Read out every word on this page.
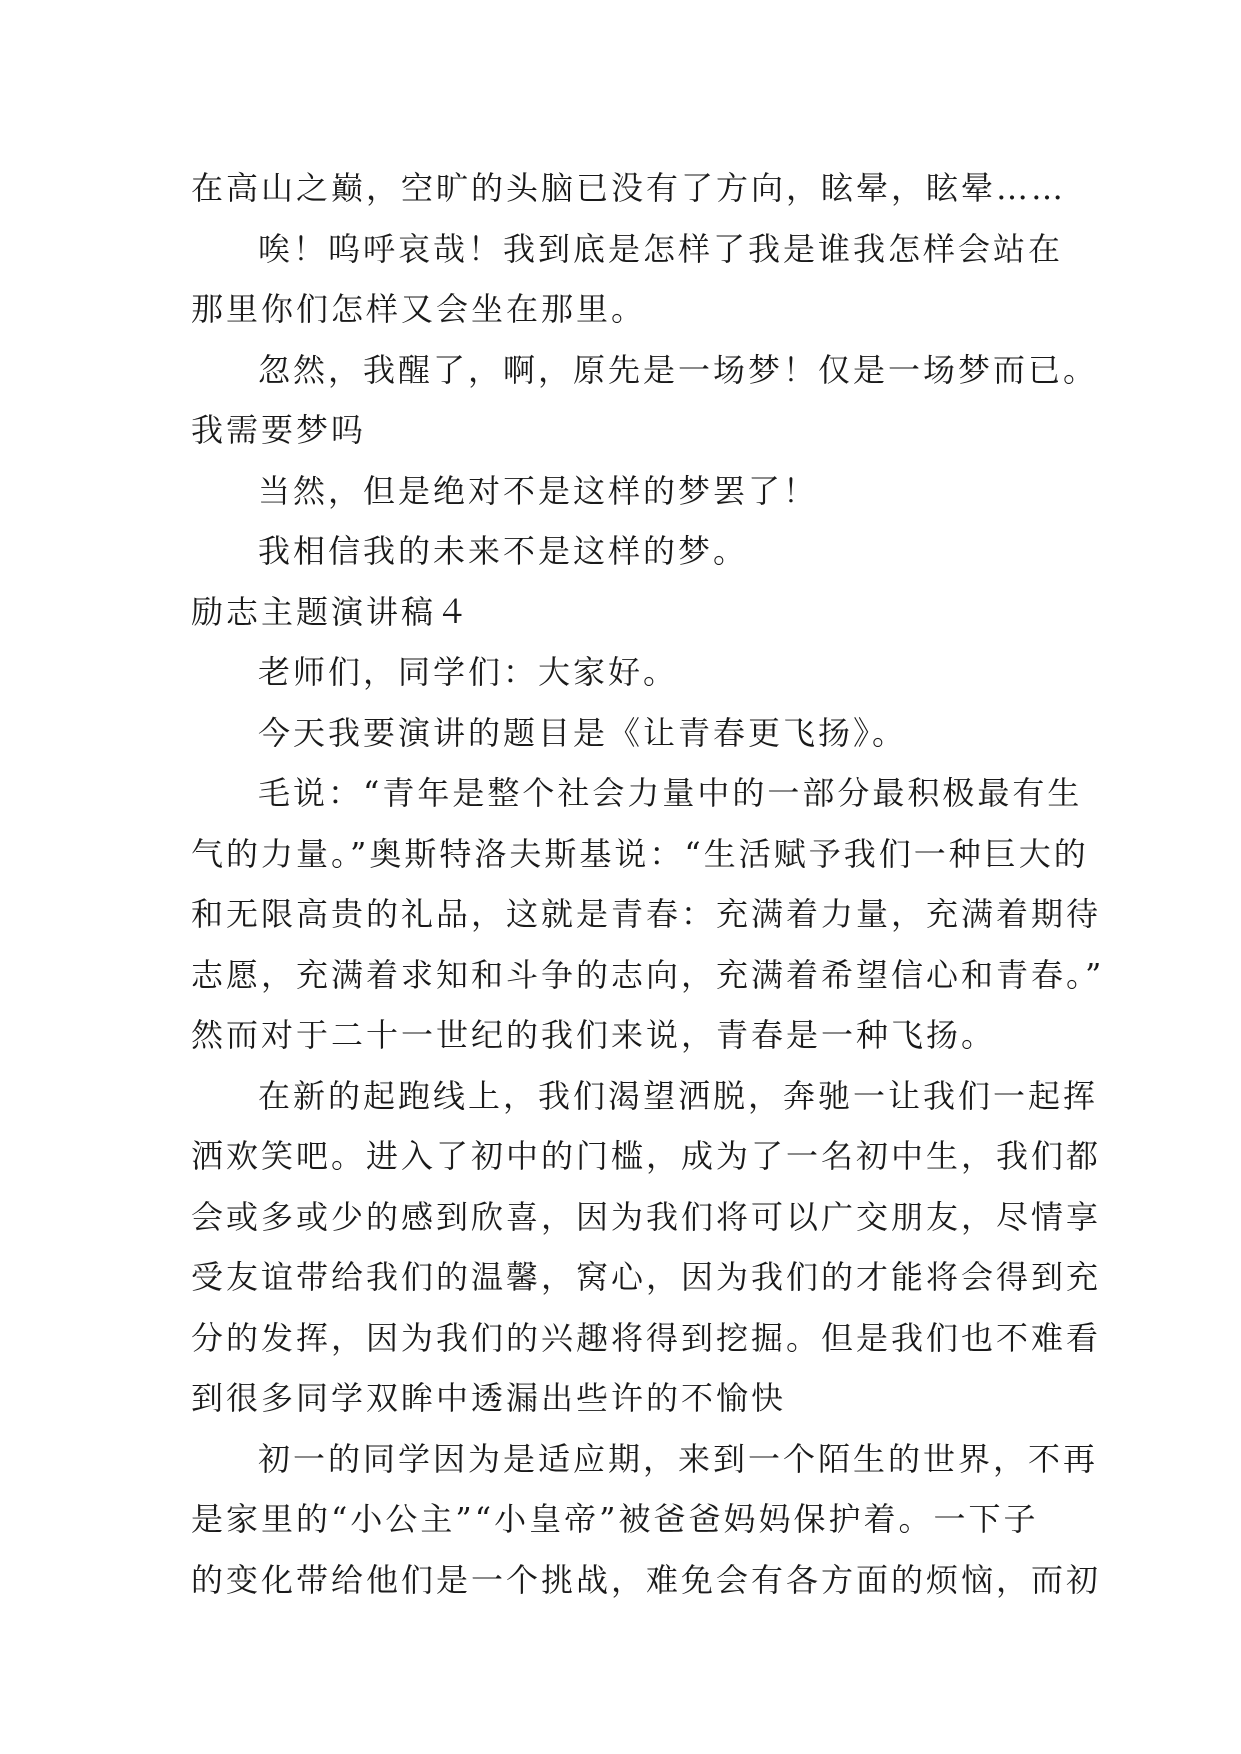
在高山之巅，空旷的头脑已没有了方向，眩晕，眩晕……
唉！呜呼哀哉！我到底是怎样了我是谁我怎样会站在
那里你们怎样又会坐在那里。
忽然，我醒了，啊，原先是一场梦！仅是一场梦而已。
我需要梦吗
当然，但是绝对不是这样的梦罢了！
我相信我的未来不是这样的梦。
励志主题演讲稿４
老师们，同学们：大家好。
今天我要演讲的题目是《让青春更飞扬》。
毛说：“青年是整个社会力量中的一部分最积极最有生
气的力量。”奥斯特洛夫斯基说：“生活赋予我们一种巨大的
和无限高贵的礼品，这就是青春：充满着力量，充满着期待
志愿，充满着求知和斗争的志向，充满着希望信心和青春。”
然而对于二十一世纪的我们来说，青春是一种飞扬。
在新的起跑线上，我们渴望洒脱，奔驰一让我们一起挥
洒欢笑吧。进入了初中的门槛，成为了一名初中生，我们都
会或多或少的感到欣喜，因为我们将可以广交朋友，尽情享
受友谊带给我们的温馨，窝心，因为我们的才能将会得到充
分的发挥，因为我们的兴趣将得到挖掘。但是我们也不难看
到很多同学双眸中透漏出些许的不愉快
初一的同学因为是适应期，来到一个陌生的世界，不再
是家里的“小公主”“小皇帝”被爸爸妈妈保护着。一下子
的变化带给他们是一个挑战，难免会有各方面的烦恼，而初
